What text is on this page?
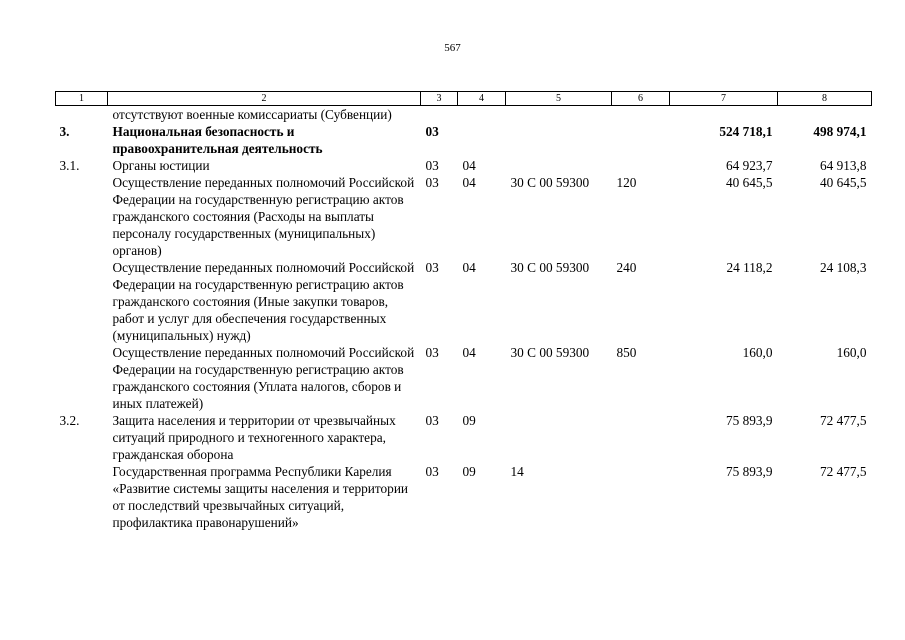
567
1	2	3	4	5	6	7	8
	отсутствуют военные комиссариаты (Субвенции)						
3.	Национальная безопасность и правоохранительная деятельность	03				524 718,1	498 974,1
3.1.	Органы юстиции	03	04			64 923,7	64 913,8
	Осуществление переданных полномочий Российской Федерации на государственную регистрацию актов гражданского состояния (Расходы на выплаты персоналу государственных (муниципальных) органов)	03	04	30 С 00 59300	120	40 645,5	40 645,5
	Осуществление переданных полномочий Российской Федерации на государственную регистрацию актов гражданского состояния (Иные закупки товаров, работ и услуг для обеспечения государственных (муниципальных) нужд)	03	04	30 С 00 59300	240	24 118,2	24 108,3
	Осуществление переданных полномочий Российской Федерации на государственную регистрацию актов гражданского состояния (Уплата налогов, сборов и иных платежей)	03	04	30 С 00 59300	850	160,0	160,0
3.2.	Защита населения и территории от чрезвычайных ситуаций природного и техногенного характера, гражданская оборона	03	09			75 893,9	72 477,5
	Государственная программа Республики Карелия «Развитие системы защиты населения и территории от последствий чрезвычайных ситуаций, профилактика правонарушений»	03	09	14		75 893,9	72 477,5
